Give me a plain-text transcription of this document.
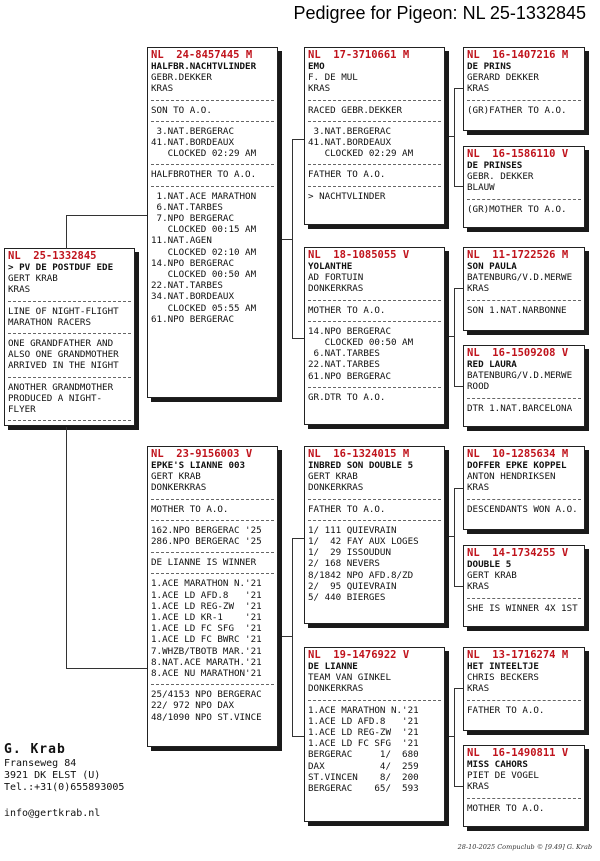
Pedigree for Pigeon: NL 25-1332845
NL  25-1332845
> PV DE POSTDUF EDE
GERT KRAB
KRAS
LINE OF NIGHT-FLIGHT
MARATHON RACERS
ONE GRANDFATHER AND
ALSO ONE GRANDMOTHER
ARRIVED IN THE NIGHT
ANOTHER GRANDMOTHER
PRODUCED A NIGHT-
FLYER
NL  24-8457445 M
HALFBR.NACHTVLINDER
GEBR.DEKKER
KRAS
SON TO A.O.
3.NAT.BERGERAC
41.NAT.BORDEAUX
CLOCKED 02:29 AM
HALFBROTHER TO A.O.
1.NAT.ACE MARATHON
6.NAT.TARBES
7.NPO BERGERAC
CLOCKED 00:15 AM
11.NAT.AGEN
CLOCKED 02:10 AM
14.NPO BERGERAC
CLOCKED 00:50 AM
22.NAT.TARBES
34.NAT.BORDEAUX
CLOCKED 05:55 AM
61.NPO BERGERAC
NL  23-9156003 V
EPKE'S LIANNE 003
GERT KRAB
DONKERKRAS
MOTHER TO A.O.
162.NPO BERGERAC '25
286.NPO BERGERAC '25
DE LIANNE IS WINNER
1.ACE MARATHON N.'21
1.ACE LD AFD.8   '21
1.ACE LD REG-ZW  '21
1.ACE LD KR-1    '21
1.ACE LD FC SFG  '21
1.ACE LD FC BWRC '21
7.WHZB/TBOTB MAR.'21
8.NAT.ACE MARATH.'21
8.ACE NU MARATHON'21
25/4153 NPO BERGERAC
22/ 972 NPO DAX
48/1090 NPO ST.VINCE
NL  17-3710661 M
EMO
F. DE MUL
KRAS
RACED GEBR.DEKKER
3.NAT.BERGERAC
41.NAT.BORDEAUX
CLOCKED 02:29 AM
FATHER TO A.O.
> NACHTVLINDER
NL  18-1085055 V
YOLANTHE
AD FORTUIN
DONKERKRAS
MOTHER TO A.O.
14.NPO BERGERAC
CLOCKED 00:50 AM
6.NAT.TARBES
22.NAT.TARBES
61.NPO BERGERAC
GR.DTR TO A.O.
NL  16-1324015 M
INBRED SON DOUBLE 5
GERT KRAB
DONKERKRAS
FATHER TO A.O.
1/ 111 QUIEVRAIN
1/  42 FAY AUX LOGES
1/  29 ISSOUDUN
2/ 168 NEVERS
8/1842 NPO AFD.8/ZD
2/  95 QUIEVRAIN
5/ 440 BIERGES
NL  19-1476922 V
DE LIANNE
TEAM VAN GINKEL
DONKERKRAS
1.ACE MARATHON N.'21
1.ACE LD AFD.8   '21
1.ACE LD REG-ZW  '21
1.ACE LD FC SFG  '21
BERGERAC     1/  680
DAX          4/  259
ST.VINCEN    8/  200
BERGERAC    65/  593
NL  16-1407216 M
DE PRINS
GERARD DEKKER
KRAS
(GR)FATHER TO A.O.
NL  16-1586110 V
DE PRINSES
GEBR. DEKKER
BLAUW
(GR)MOTHER TO A.O.
NL  11-1722526 M
SON PAULA
BATENBURG/V.D.MERWE
KRAS
SON 1.NAT.NARBONNE
NL  16-1509208 V
RED LAURA
BATENBURG/V.D.MERWE
ROOD
DTR 1.NAT.BARCELONA
NL  10-1285634 M
DOFFER EPKE KOPPEL
ANTON HENDRIKSEN
KRAS
DESCENDANTS WON A.O.
NL  14-1734255 V
DOUBLE 5
GERT KRAB
KRAS
SHE IS WINNER 4X 1ST
NL  13-1716274 M
HET INTEELTJE
CHRIS BECKERS
KRAS
FATHER TO A.O.
NL  16-1490811 V
MISS CAHORS
PIET DE VOGEL
KRAS
MOTHER TO A.O.
G. Krab
Franseweg 84
3921 DK ELST (U)
Tel.:+31(0)655893005
info@gertkrab.nl
28-10-2025 Compuclub © [9.49] G. Krab
